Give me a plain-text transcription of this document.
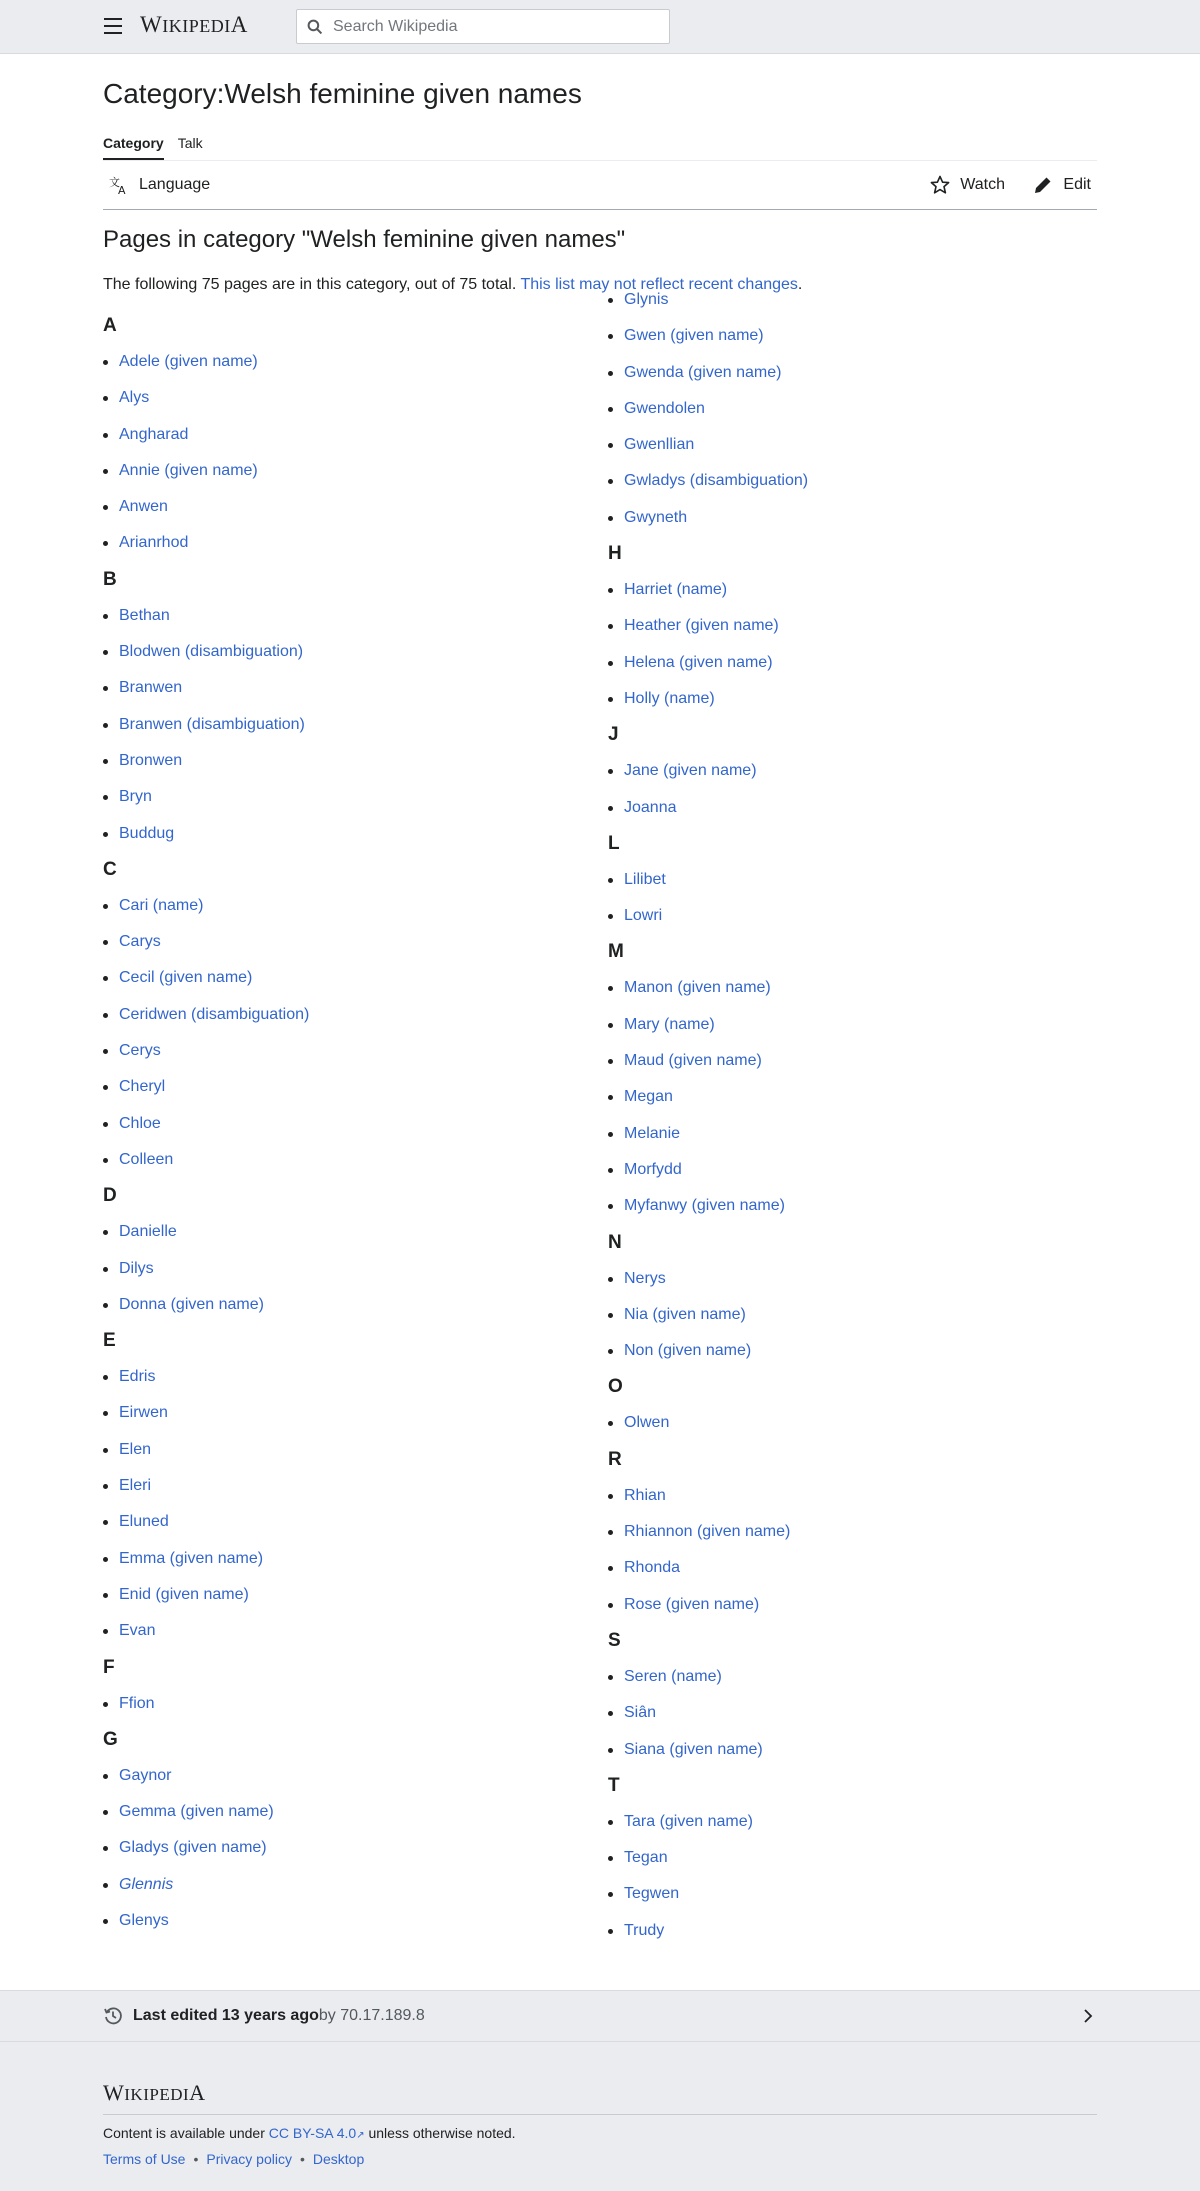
WIKIPEDIA
Search Wikipedia
Category:Welsh feminine given names
Category Talk
文
A Language	Watch	Edit
Pages in category "Welsh feminine given names"
The following 75 pages are in this category, out of 75 total. This list may not reflect recent changes.
A
Adele (given name)
Alys
Angharad
Annie (given name)
Anwen
Arianrhod
B
Bethan
Blodwen (disambiguation)
Branwen
Branwen (disambiguation)
Bronwen
Bryn
Buddug
C
Cari (name)
Carys
Cecil (given name)
Ceridwen (disambiguation)
Cerys
Cheryl
Chloe
Colleen
D
Danielle
Dilys
Donna (given name)
E
Edris
Eirwen
Elen
Eleri
Eluned
Emma (given name)
Enid (given name)
Evan
F
Ffion
G
Gaynor
Gemma (given name)
Gladys (given name)
Glennis
Glenys
Glynis
Gwen (given name)
Gwenda (given name)
Gwendolen
Gwenllian
Gwladys (disambiguation)
Gwyneth
H
Harriet (name)
Heather (given name)
Helena (given name)
Holly (name)
J
Jane (given name)
Joanna
L
Lilibet
Lowri
M
Manon (given name)
Mary (name)
Maud (given name)
Megan
Melanie
Morfydd
Myfanwy (given name)
N
Nerys
Nia (given name)
Non (given name)
O
Olwen
R
Rhian
Rhiannon (given name)
Rhonda
Rose (given name)
S
Seren (name)
Siân
Siana (given name)
T
Tara (given name)
Tegan
Tegwen
Trudy
Last edited 13 years ago by 70.17.189.8
WIKIPEDIA
Content is available under CC BY-SA 4.0↗ unless otherwise noted.
Terms of Use • Privacy policy • Desktop
